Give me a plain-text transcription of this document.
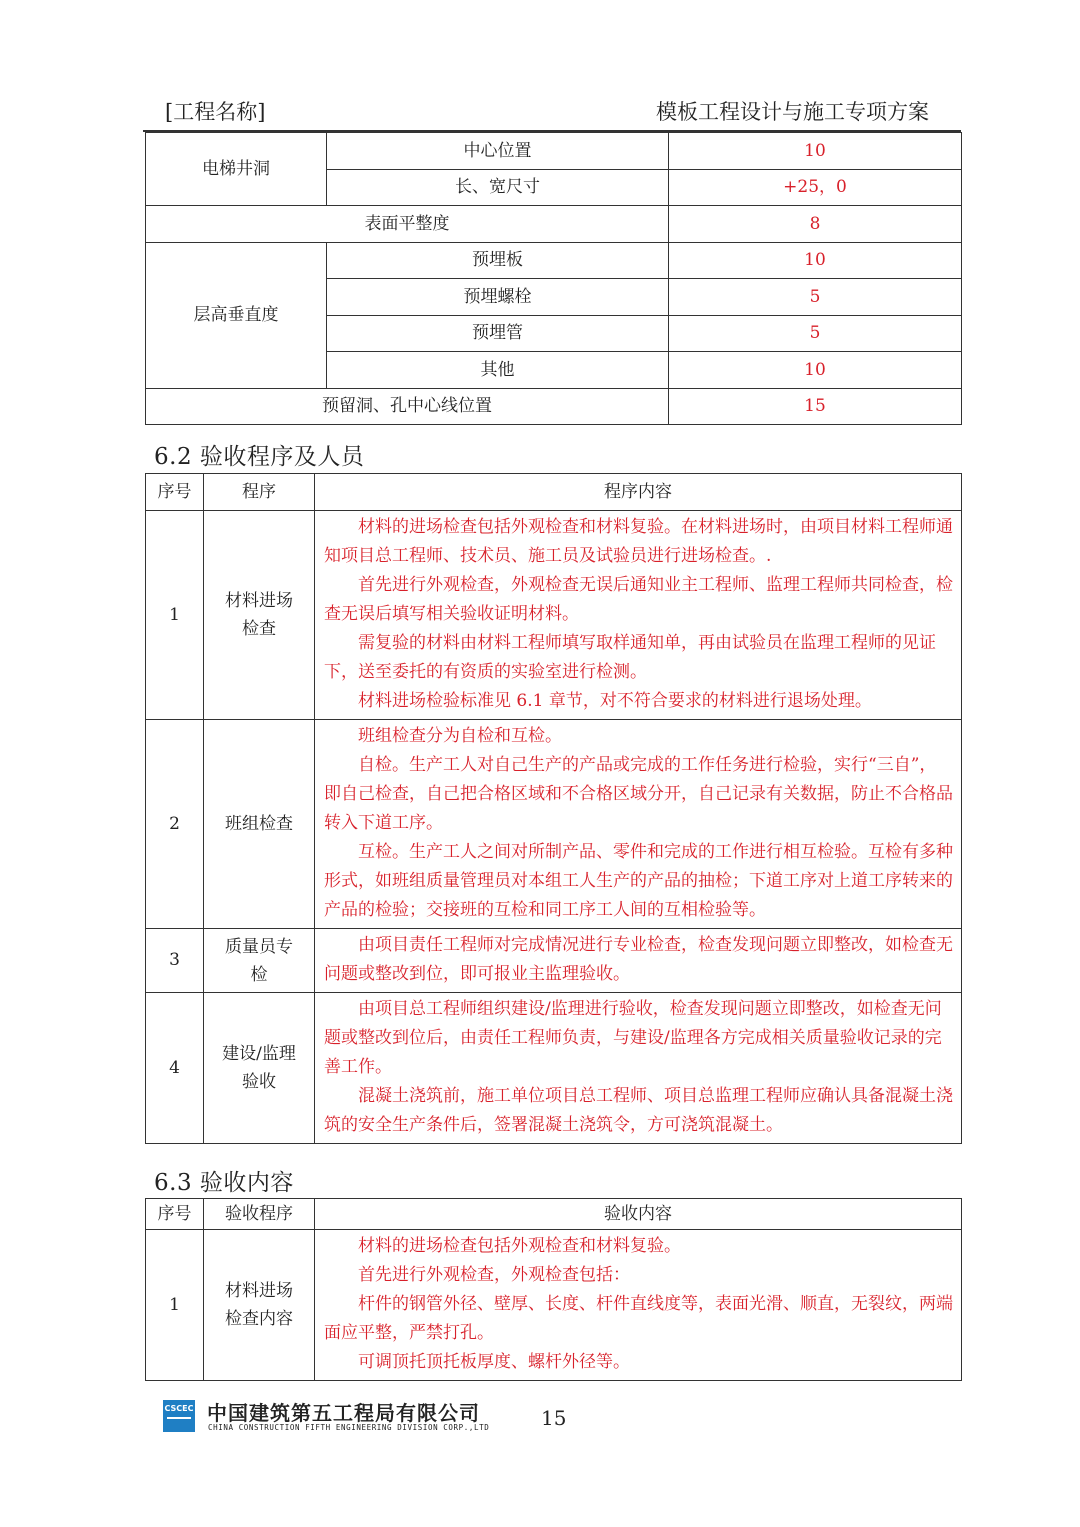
[工程名称]	模板工程设计与施工专项方案
电梯井洞	中心位置	10
	长、宽尺寸	+25，0
表面平整度		8
层高垂直度	预埋板	10
	预埋螺栓	5
	预埋管	5
	其他	10
预留洞、孔中心线位置		15
6.2 验收程序及人员
序号	程序	程序内容
1	材料进场检查	材料的进场检查包括外观检查和材料复验。在材料进场时，由项目材料工程师通知项目总工程师、技术员、施工员及试验员进行进场检查。.

首先进行外观检查，外观检查无误后通知业主工程师、监理工程师共同检查，检查无误后填写相关验收证明材料。

需复验的材料由材料工程师填写取样通知单，再由试验员在监理工程师的见证下，送至委托的有资质的实验室进行检测。

材料进场检验标准见 6.1 章节，对不符合要求的材料进行退场处理。

2	班组检查	班组检查分为自检和互检。

自检。生产工人对自己生产的产品或完成的工作任务进行检验，实行“三自”，即自己检查，自己把合格区域和不合格区域分开，自己记录有关数据，防止不合格品转入下道工序。

互检。生产工人之间对所制产品、零件和完成的工作进行相互检验。互检有多种形式，如班组质量管理员对本组工人生产的产品的抽检；下道工序对上道工序转来的产品的检验；交接班的互检和同工序工人间的互相检验等。

3	质量员专检	由项目责任工程师对完成情况进行专业检查，检查发现问题立即整改，如检查无问题或整改到位，即可报业主监理验收。

4	建设/监理验收	由项目总工程师组织建设/监理进行验收，检查发现问题立即整改，如检查无问题或整改到位后，由责任工程师负责，与建设/监理各方完成相关质量验收记录的完善工作。

混凝土浇筑前，施工单位项目总工程师、项目总监理工程师应确认具备混凝土浇筑的安全生产条件后，签署混凝土浇筑令，方可浇筑混凝土。

6.3 验收内容
序号	验收程序	验收内容
1	材料进场检查内容	材料的进场检查包括外观检查和材料复验。

首先进行外观检查，外观检查包括：

杆件的钢管外径、壁厚、长度、杆件直线度等，表面光滑、顺直，无裂纹，两端面应平整，严禁打孔。

可调顶托顶托板厚度、螺杆外径等。

CSCEC 中国建筑第五工程局有限公司
CHINA CONSTRUCTION FIFTH ENGINEERING DIVISION CORP.,LTD	15
